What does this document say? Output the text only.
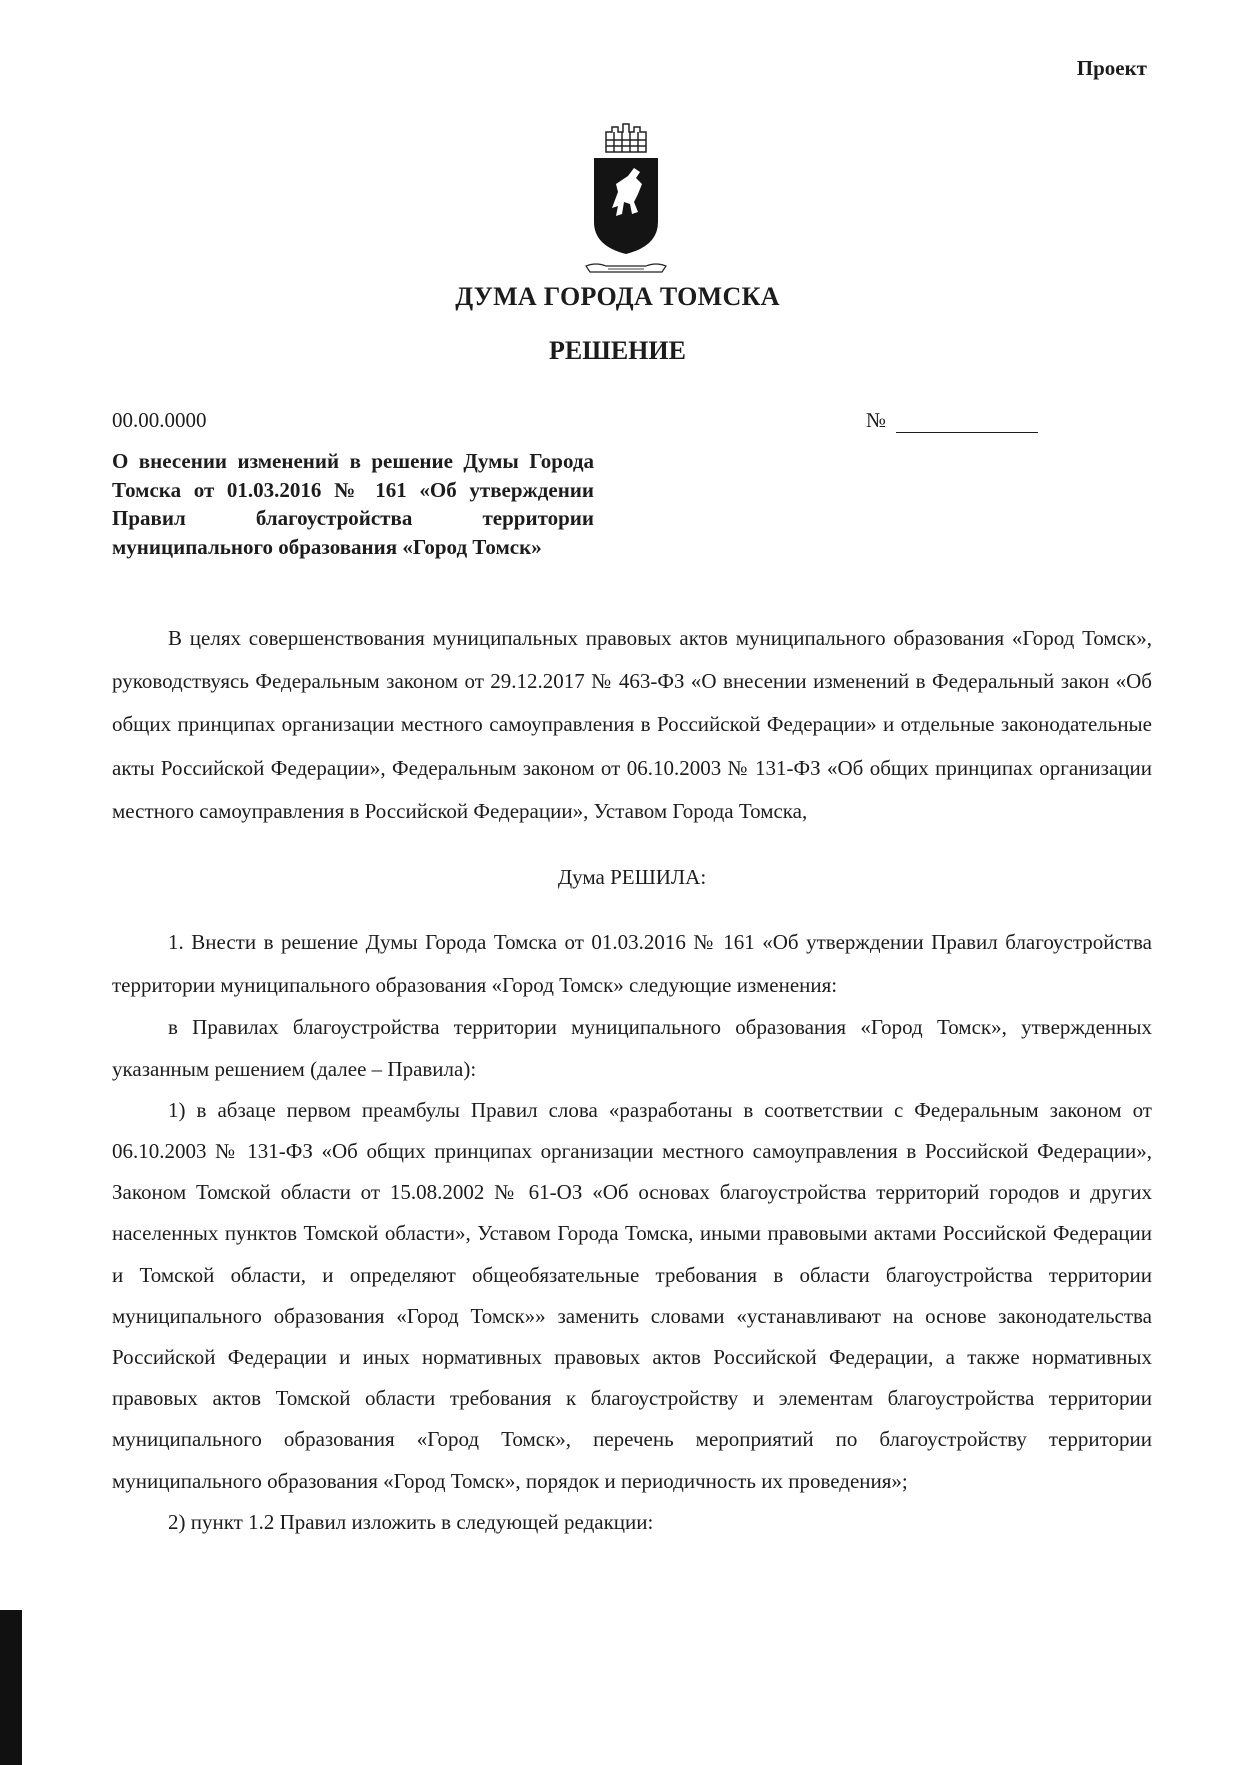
Проект
ДУМА ГОРОДА ТОМСКА
РЕШЕНИЕ
00.00.0000	№

О внесении изменений в решение Думы Города Томска от 01.03.2016 № 161 «Об утверждении Правил благоустройства территории муниципального образования «Город Томск»

В целях совершенствования муниципальных правовых актов муниципального образования «Город Томск», руководствуясь Федеральным законом от 29.12.2017 № 463-ФЗ «О внесении изменений в Федеральный закон «Об общих принципах организации местного самоуправления в Российской Федерации» и отдельные законодательные акты Российской Федерации», Федеральным законом от 06.10.2003 № 131-ФЗ «Об общих принципах организации местного самоуправления в Российской Федерации», Уставом Города Томска,

Дума РЕШИЛА:

1. Внести в решение Думы Города Томска от 01.03.2016 № 161 «Об утверждении Правил благоустройства территории муниципального образования «Город Томск» следующие изменения:

в Правилах благоустройства территории муниципального образования «Город Томск», утвержденных указанным решением (далее – Правила):

1) в абзаце первом преамбулы Правил слова «разработаны в соответствии с Федеральным законом от 06.10.2003 № 131-ФЗ «Об общих принципах организации местного самоуправления в Российской Федерации», Законом Томской области от 15.08.2002 № 61-ОЗ «Об основах благоустройства территорий городов и других населенных пунктов Томской области», Уставом Города Томска, иными правовыми актами Российской Федерации и Томской области, и определяют общеобязательные требования в области благоустройства территории муниципального образования «Город Томск»» заменить словами «устанавливают на основе законодательства Российской Федерации и иных нормативных правовых актов Российской Федерации, а также нормативных правовых актов Томской области требования к благоустройству и элементам благоустройства территории муниципального образования «Город Томск», перечень мероприятий по благоустройству территории муниципального образования «Город Томск», порядок и периодичность их проведения»;

2) пункт 1.2 Правил изложить в следующей редакции:
